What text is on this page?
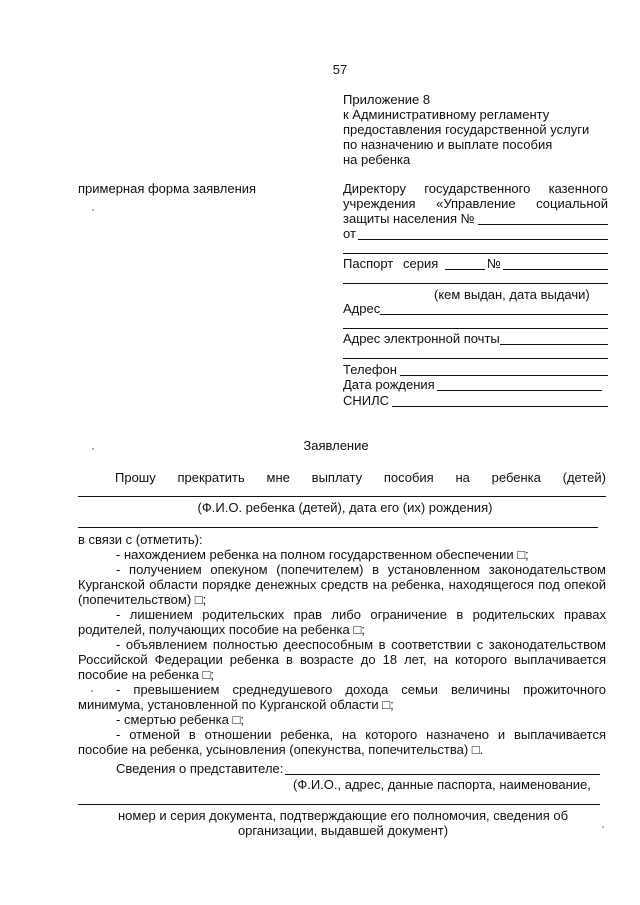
57
Приложение 8
к Административному регламенту
предоставления государственной услуги
по назначению и выплате пособия
на ребенка
примерная форма заявления	Директору государственного казенного
учреждения «Управление социальной
защиты населения №
от
Паспорт серия	№
(кем выдан, дата выдачи)
Адрес
Адрес электронной почты
Телефон
Дата рождения
СНИЛС
Заявление
Прошу прекратить мне выплату пособия на ребенка (детей)
(Ф.И.О. ребенка (детей), дата его (их) рождения)
в связи с (отметить):
- нахождением ребенка на полном государственном обеспечении □;
- получением опекуном (попечителем) в установленном законодательством Курганской области порядке денежных средств на ребенка, находящегося под опекой (попечительством) □;
- лишением родительских прав либо ограничение в родительских правах родителей, получающих пособие на ребенка □;
- объявлением полностью дееспособным в соответствии с законодательством Российской Федерации ребенка в возрасте до 18 лет, на которого выплачивается пособие на ребенка □;
- превышением среднедушевого дохода семьи величины прожиточного минимума, установленной по Курганской области □;
- смертью ребенка □;
- отменой в отношении ребенка, на которого назначено и выплачивается пособие на ребенка, усыновления (опекунства, попечительства) □.
Сведения о представителе:
(Ф.И.О., адрес, данные паспорта, наименование,
номер и серия документа, подтверждающие его полномочия, сведения об организации, выдавшей документ)
